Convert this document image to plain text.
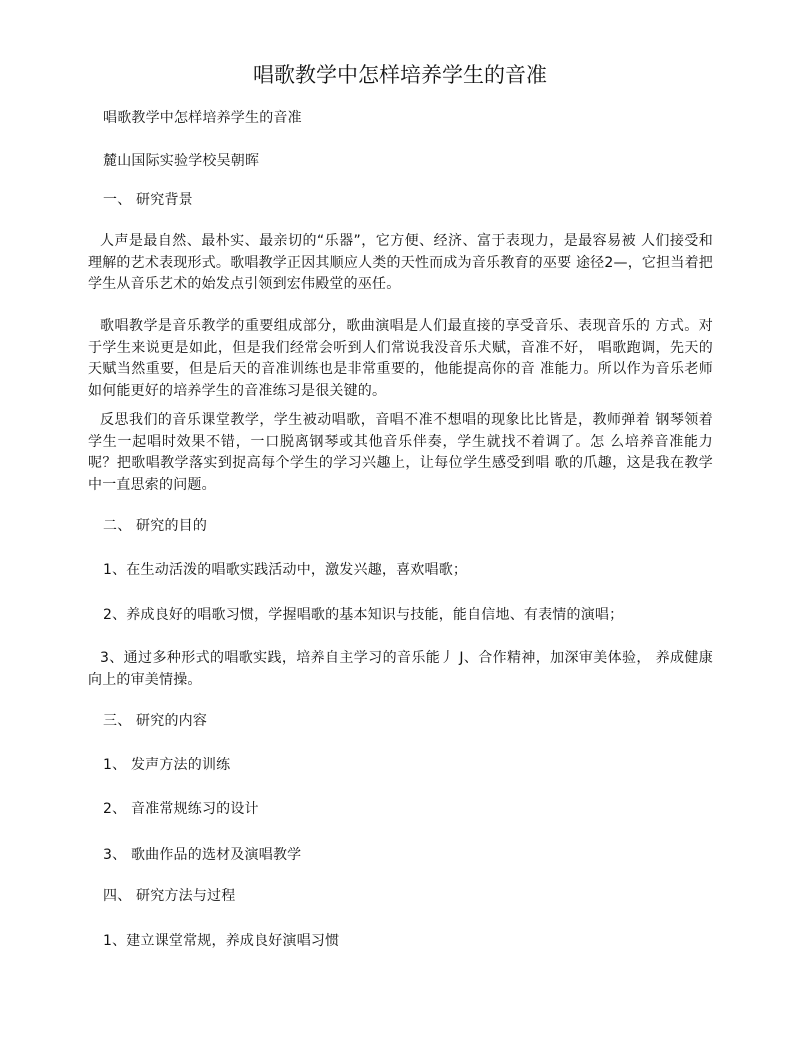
唱歌教学中怎样培养学生的音准
唱歌教学中怎样培养学生的音准
麓山国际实验学校吴朝晖
一、 研究背景
人声是最自然、最朴实、最亲切的“乐器”，它方便、经济、富于表现力，是最容易被 人们接受和理解的艺术表现形式。歌唱教学正因其顺应人类的天性而成为音乐教育的巫要 途径2—，它担当着把学生从音乐艺术的始发点引领到宏伟殿堂的巫任。
歌唱教学是音乐教学的重要组成部分，歌曲演唱是人们最直接的享受音乐、表现音乐的 方式。对于学生来说更是如此，但是我们经常会听到人们常说我没音乐犬赋，音准不好， 唱歌跑调，先天的天赋当然重要，但是后天的音准训练也是非常重要的，他能提高你的音 准能力。所以作为音乐老师如何能更好的培养学生的音准练习是很关键的。
反思我们的音乐课堂教学，学生被动唱歌，音唱不准不想唱的现象比比皆是，教师弹着 钢琴领着学生一起唱时效果不错，一口脱离钢琴或其他音乐伴奏，学生就找不着调了。怎 么培养音准能力呢？把歌唱教学落实到捉高每个学生的学习兴趣上，让每位学生感受到唱 歌的爪趣，这是我在教学中一直思索的问题。
二、 研究的目的
1、在生动活泼的唱歌实践活动中，激发兴趣，喜欢唱歌；
2、养成良好的唱歌习惯，学握唱歌的基本知识与技能，能自信地、有表情的演唱；
3、通过多种形式的唱歌实践，培养自主学习的音乐能丿 J、合作精神，加深审美体验， 养成健康向上的审美情操。
三、 研究的内容
1、 发声方法的训练
2、 音准常规练习的设计
3、 歌曲作品的选材及演唱教学
四、 研究方法与过程
1、建立课堂常规，养成良好演唱习惯
